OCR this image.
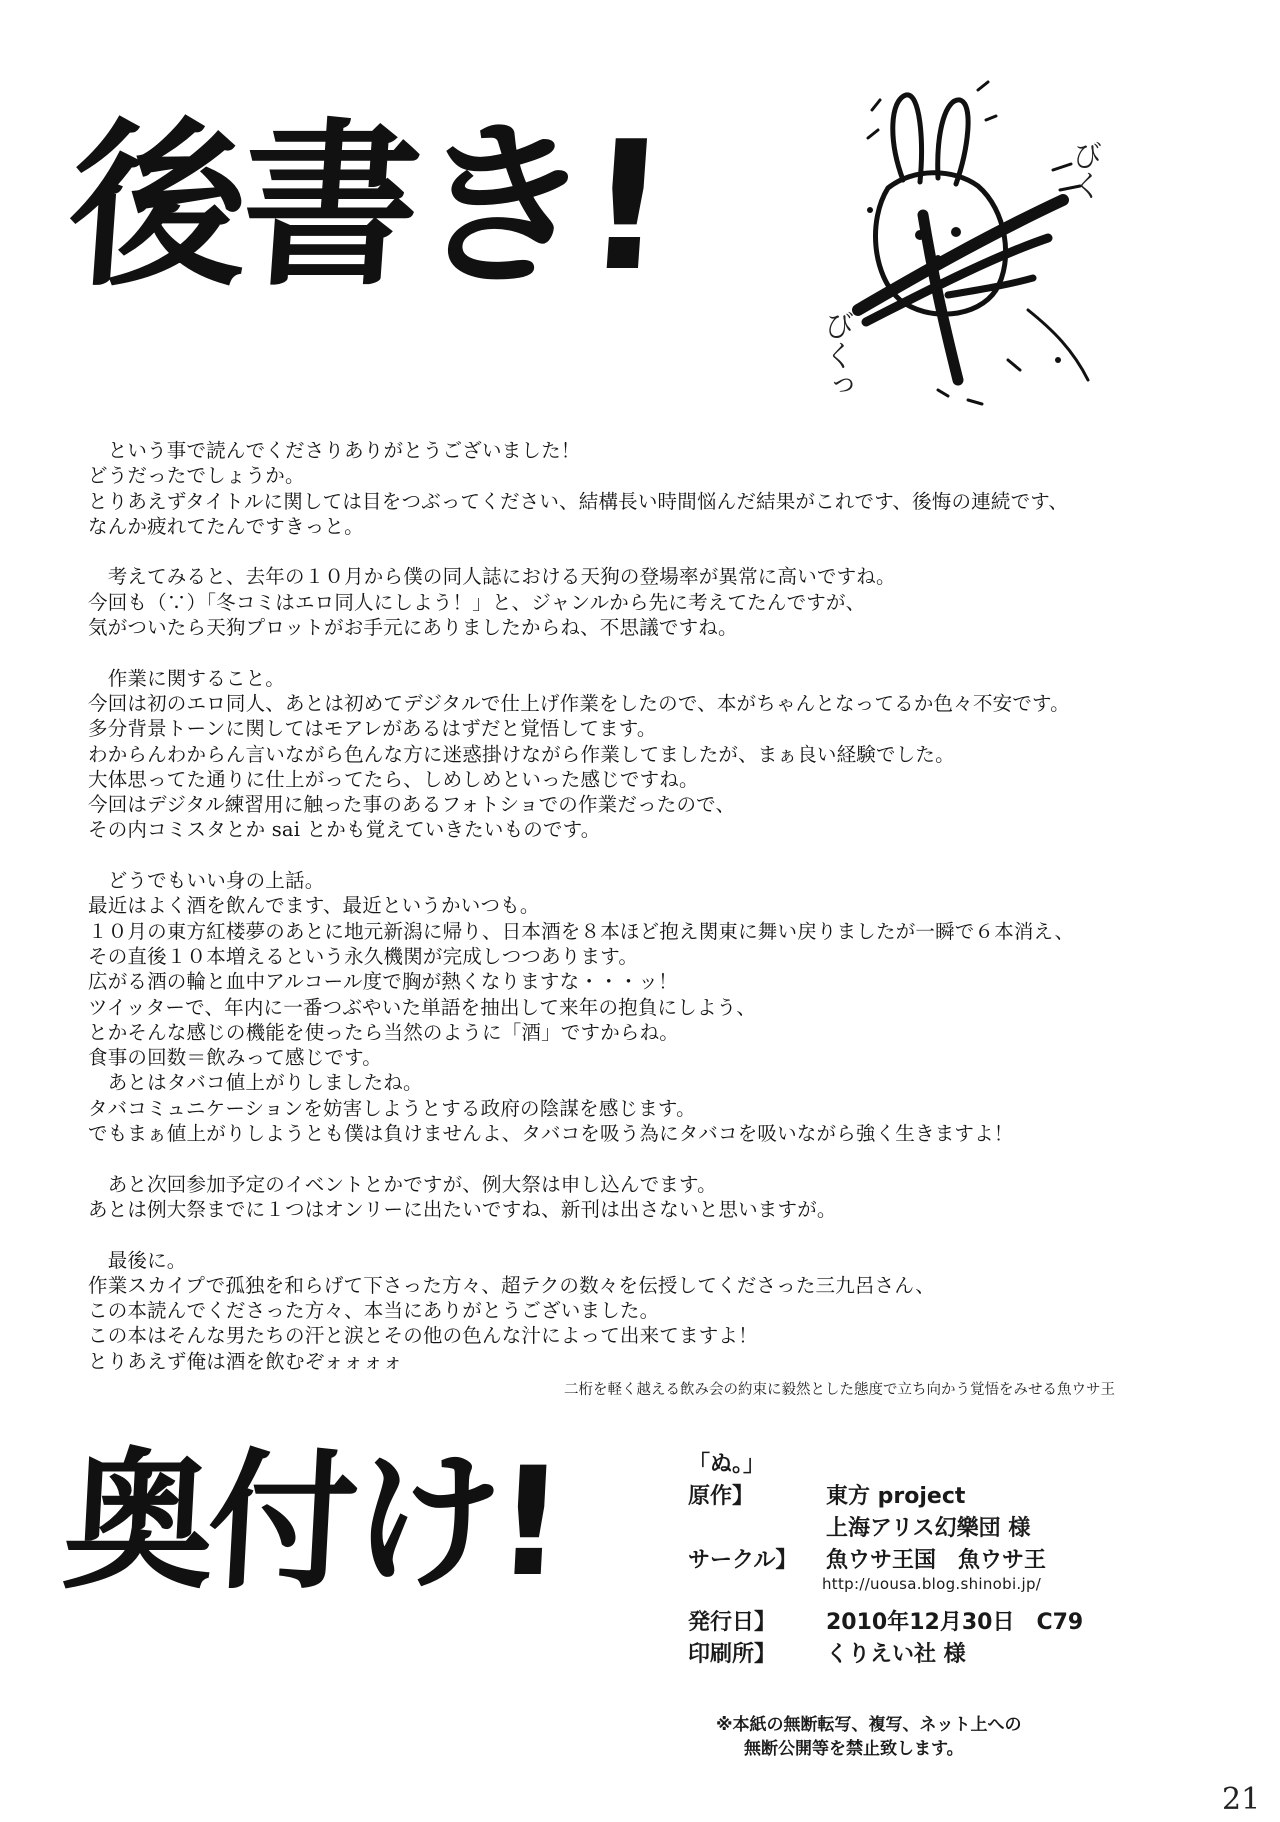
後書き!	びく
びくっ
　という事で読んでくださりありがとうございました！
どうだったでしょうか。
とりあえずタイトルに関しては目をつぶってください、結構長い時間悩んだ結果がこれです、後悔の連続です、
なんか疲れてたんですきっと。
　考えてみると、去年の１０月から僕の同人誌における天狗の登場率が異常に高いですね。
今回も（∵）「冬コミはエロ同人にしよう！」と、ジャンルから先に考えてたんですが、
気がついたら天狗プロットがお手元にありましたからね、不思議ですね。
　作業に関すること。
今回は初のエロ同人、あとは初めてデジタルで仕上げ作業をしたので、本がちゃんとなってるか色々不安です。
多分背景トーンに関してはモアレがあるはずだと覚悟してます。
わからんわからん言いながら色んな方に迷惑掛けながら作業してましたが、まぁ良い経験でした。
大体思ってた通りに仕上がってたら、しめしめといった感じですね。
今回はデジタル練習用に触った事のあるフォトショでの作業だったので、
その内コミスタとか sai とかも覚えていきたいものです。
　どうでもいい身の上話。
最近はよく酒を飲んでます、最近というかいつも。
１０月の東方紅楼夢のあとに地元新潟に帰り、日本酒を８本ほど抱え関東に舞い戻りましたが一瞬で６本消え、
その直後１０本増えるという永久機関が完成しつつあります。
広がる酒の輪と血中アルコール度で胸が熱くなりますな・・・ッ！
ツイッターで、年内に一番つぶやいた単語を抽出して来年の抱負にしよう、
とかそんな感じの機能を使ったら当然のように「酒」ですからね。
食事の回数＝飲みって感じです。
　あとはタバコ値上がりしましたね。
タバコミュニケーションを妨害しようとする政府の陰謀を感じます。
でもまぁ値上がりしようとも僕は負けませんよ、タバコを吸う為にタバコを吸いながら強く生きますよ！
　あと次回参加予定のイベントとかですが、例大祭は申し込んでます。
あとは例大祭までに１つはオンリーに出たいですね、新刊は出さないと思いますが。
　最後に。
作業スカイプで孤独を和らげて下さった方々、超テクの数々を伝授してくださった三九呂さん、
この本読んでくださった方々、本当にありがとうございました。
この本はそんな男たちの汗と涙とその他の色んな汁によって出来てますよ！
とりあえず俺は酒を飲むぞォォォォ
二桁を軽く越える飲み会の約束に毅然とした態度で立ち向かう覚悟をみせる魚ウサ王
奥付け!	「ぬ。」
原作】	東方 project
上海アリス幻樂団 様
サークル】 魚ウサ王国　魚ウサ王
http://uousa.blog.shinobi.jp/
発行日】 2010年12月30日　C79
印刷所】 くりえい社 様
※本紙の無断転写、複写、ネット上への
無断公開等を禁止致します。
21
